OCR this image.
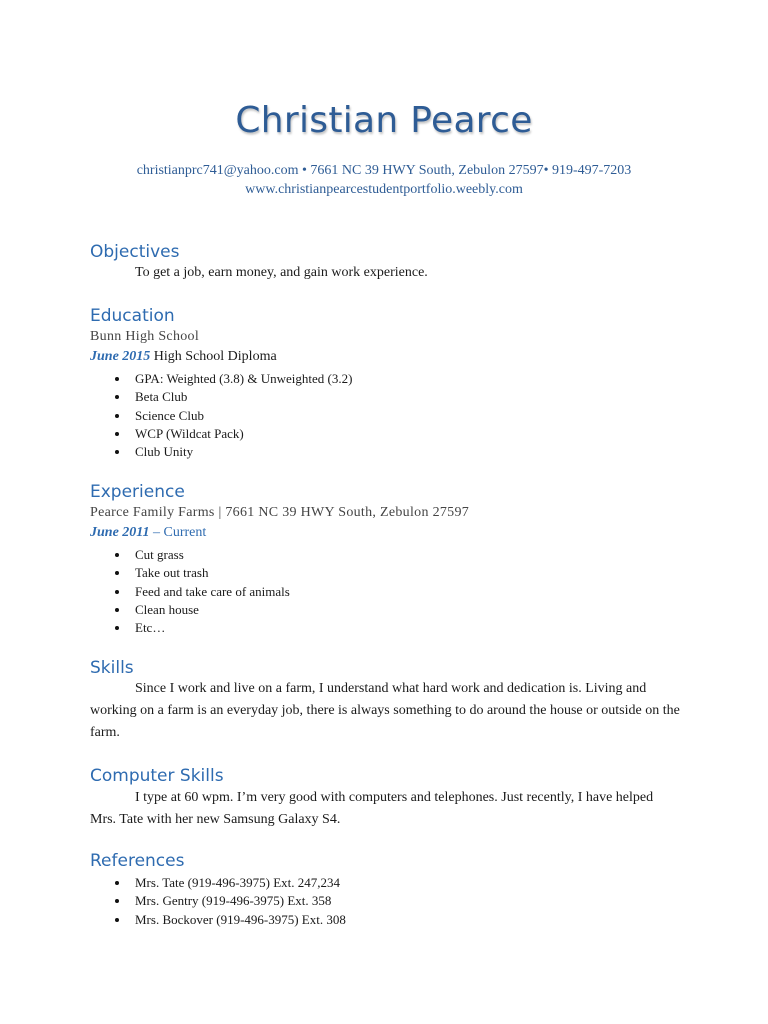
Christian Pearce
christianprc741@yahoo.com • 7661 NC 39 HWY South, Zebulon 27597• 919-497-7203
www.christianpearcestudentportfolio.weebly.com
Objectives
To get a job, earn money, and gain work experience.
Education
Bunn High School
June 2015 High School Diploma
GPA: Weighted (3.8) & Unweighted (3.2)
Beta Club
Science Club
WCP (Wildcat Pack)
Club Unity
Experience
Pearce Family Farms | 7661 NC 39 HWY South, Zebulon 27597
June 2011 – Current
Cut grass
Take out trash
Feed and take care of animals
Clean house
Etc…
Skills
Since I work and live on a farm, I understand what hard work and dedication is. Living and working on a farm is an everyday job, there is always something to do around the house or outside on the farm.
Computer Skills
I type at 60 wpm. I’m very good with computers and telephones. Just recently, I have helped Mrs. Tate with her new Samsung Galaxy S4.
References
Mrs. Tate (919-496-3975) Ext. 247,234
Mrs. Gentry (919-496-3975) Ext. 358
Mrs. Bockover (919-496-3975) Ext. 308
